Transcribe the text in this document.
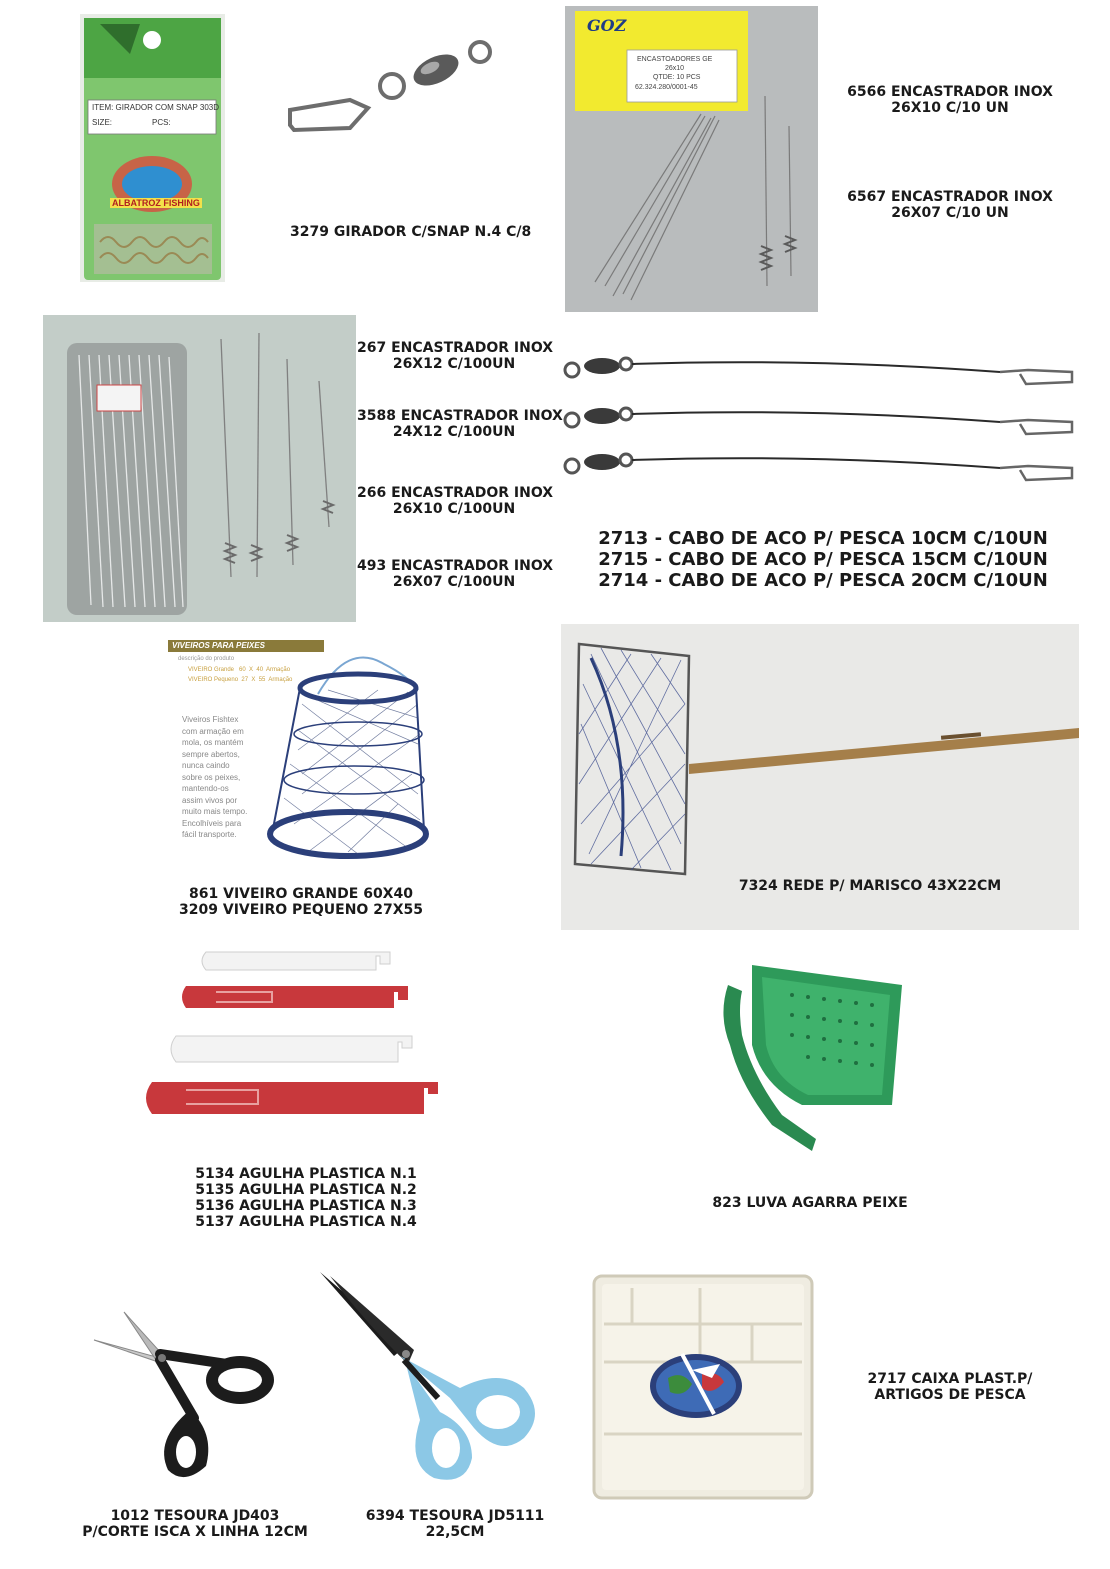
ITEM: GIRADOR COM SNAP 303D
SIZE:	PCS:
ALBATROZ FISHING
3279 GIRADOR C/SNAP N.4 C/8
GOZ
ENCASTOADORES GE
26x10
QTDE: 10 PCS
62.324.280/0001-45	6566 ENCASTRADOR INOX
26X10 C/10 UN
6567 ENCASTRADOR INOX
26X07 C/10 UN
267 ENCASTRADOR INOX
26X12 C/100UN
3588 ENCASTRADOR INOX
24X12 C/100UN
266 ENCASTRADOR INOX
26X10 C/100UN
493 ENCASTRADOR INOX
26X07 C/100UN
2713 - CABO DE ACO P/ PESCA 10CM C/10UN
2715 - CABO DE ACO P/ PESCA 15CM C/10UN
2714 - CABO DE ACO P/ PESCA 20CM C/10UN
VIVEIROS PARA PEIXES
descrição do produto
VIVEIRO Grande   60  X  40  Armação
VIVEIRO Pequeno  27  X  55  Armação
Viveiros Fishtex
com armação em
mola, os mantém
sempre abertos,
nunca caindo
sobre os peixes,
mantendo-os
assim vivos por
muito mais tempo.
Encolhíveis para
fácil transporte.
861 VIVEIRO GRANDE 60X40
3209 VIVEIRO PEQUENO 27X55
7324 REDE P/ MARISCO 43X22CM
5134 AGULHA PLASTICA N.1
5135 AGULHA PLASTICA N.2
5136 AGULHA PLASTICA N.3
5137 AGULHA PLASTICA N.4
823 LUVA AGARRA PEIXE
1012 TESOURA JD403
P/CORTE ISCA X LINHA 12CM
6394 TESOURA JD5111
22,5CM
2717 CAIXA PLAST.P/
ARTIGOS DE PESCA
